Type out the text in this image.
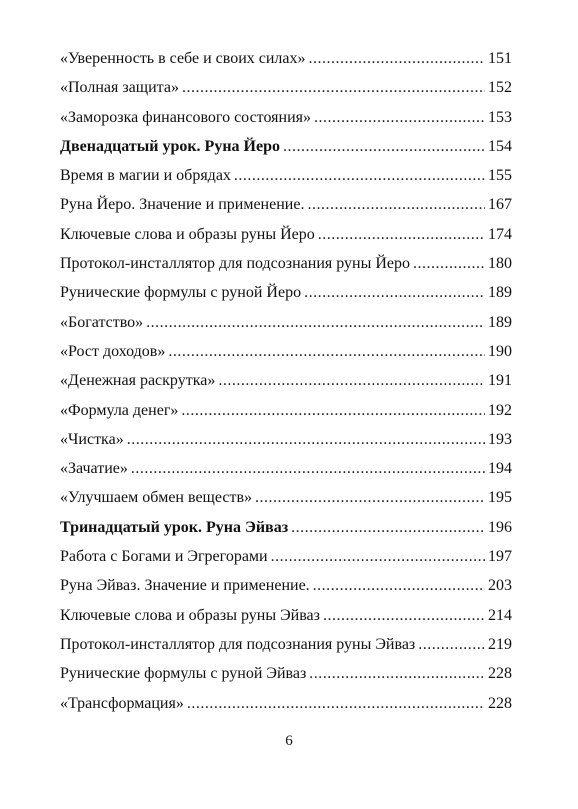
«Уверенность в себе и своих силах» .....	151
«Полная защита» .....	152
«Заморозка финансового состояния» .....	153
Двенадцатый урок. Руна Йеро .....	154
Время в магии и обрядах .....	155
Руна Йеро. Значение и применение. .....	167
Ключевые слова и образы руны Йеро .....	174
Протокол-инсталлятор для подсознания руны Йеро .....	180
Рунические формулы с руной Йеро .....	189
«Богатство» .....	189
«Рост доходов» .....	190
«Денежная раскрутка» .....	191
«Формула денег» .....	192
«Чистка» .....	193
«Зачатие» .....	194
«Улучшаем обмен веществ» .....	195
Тринадцатый урок. Руна Эйваз .....	196
Работа с Богами и Эгрегорами .....	197
Руна Эйваз. Значение и применение. .....	203
Ключевые слова и образы руны Эйваз .....	214
Протокол-инсталлятор для подсознания руны Эйваз .....	219
Рунические формулы с руной Эйваз .....	228
«Трансформация» .....	228
6
